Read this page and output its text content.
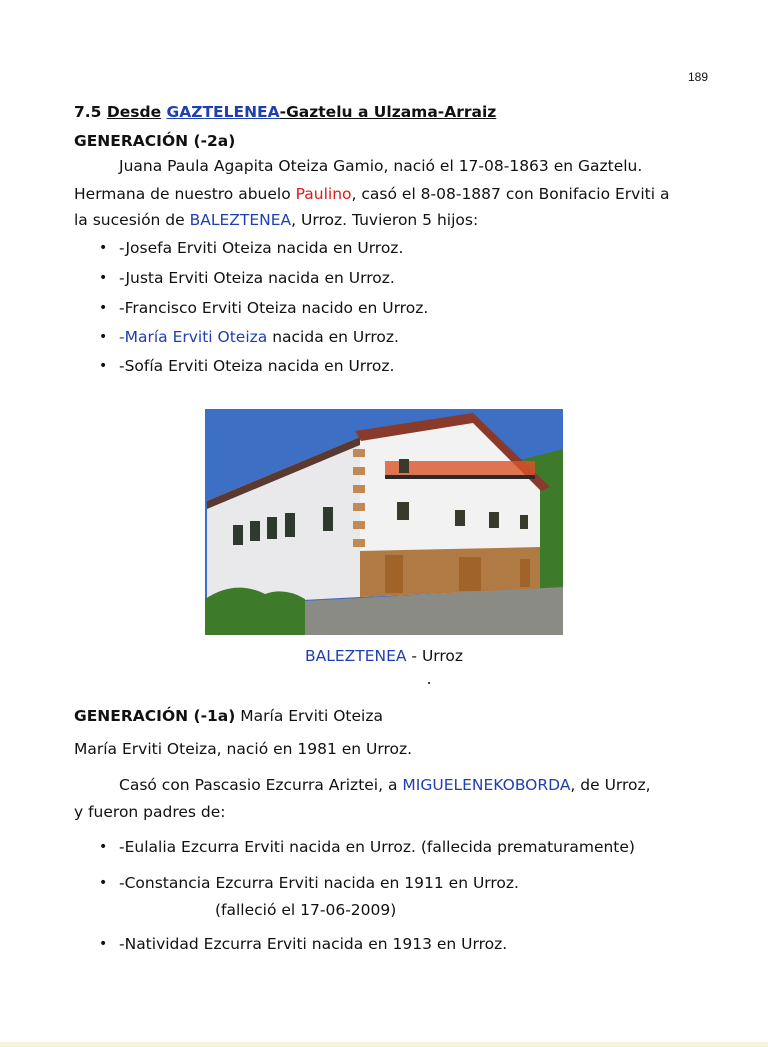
189
7.5 Desde GAZTELENEA-Gaztelu a Ulzama-Arraiz
GENERACIÓN (-2a)
Juana Paula Agapita Oteiza Gamio, nació el 17-08-1863 en Gaztelu.
Hermana de nuestro abuelo Paulino, casó el 8-08-1887 con Bonifacio Erviti a
la sucesión de BALEZTENEA, Urroz. Tuvieron 5 hijos:
• -Josefa Erviti Oteiza nacida en Urroz.
• -Justa Erviti Oteiza nacida en Urroz.
• -Francisco Erviti Oteiza nacido en Urroz.
• -María Erviti Oteiza nacida en Urroz.
• -Sofía Erviti Oteiza nacida en Urroz.
BALEZTENEA - Urroz
GENERACIÓN (-1a) María Erviti Oteiza
María Erviti Oteiza, nació en 1981 en Urroz.
Casó con Pascasio Ezcurra Ariztei, a MIGUELENEKOBORDA, de Urroz,
y fueron padres de:
• -Eulalia Ezcurra Erviti nacida en Urroz. (fallecida prematuramente)
• -Constancia Ezcurra Erviti nacida en 1911 en Urroz.
(falleció el 17-06-2009)
• -Natividad Ezcurra Erviti nacida en 1913 en Urroz.
